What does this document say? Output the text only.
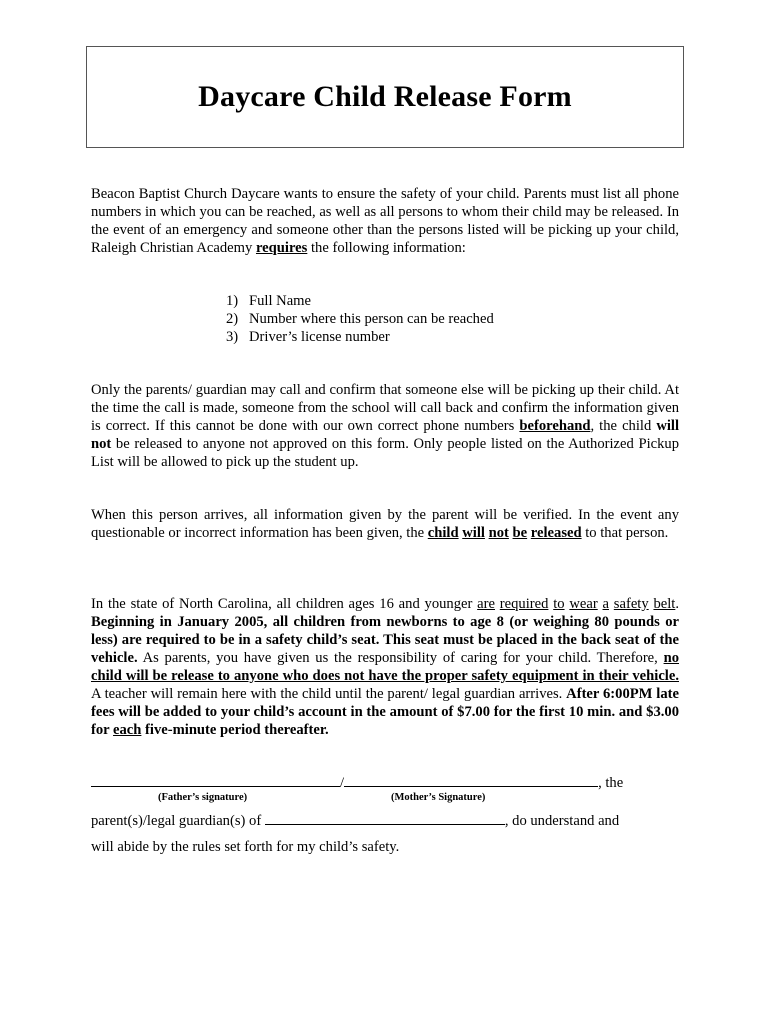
Daycare Child Release Form

Beacon Baptist Church Daycare wants to ensure the safety of your child. Parents must list all phone numbers in which you can be reached, as well as all persons to whom their child may be released. In the event of an emergency and someone other than the persons listed will be picking up your child, Raleigh Christian Academy requires the following information:

1) Full Name
2) Number where this person can be reached
3) Driver’s license number

Only the parents/ guardian may call and confirm that someone else will be picking up their child. At the time the call is made, someone from the school will call back and confirm the information given is correct. If this cannot be done with our own correct phone numbers beforehand, the child will not be released to anyone not approved on this form. Only people listed on the Authorized Pickup List will be allowed to pick up the student up.

When this person arrives, all information given by the parent will be verified. In the event any questionable or incorrect information has been given, the child will not be released to that person.

In the state of North Carolina, all children ages 16 and younger are required to wear a safety belt. Beginning in January 2005, all children from newborns to age 8 (or weighing 80 pounds or less) are required to be in a safety child’s seat. This seat must be placed in the back seat of the vehicle. As parents, you have given us the responsibility of caring for your child. Therefore, no child will be release to anyone who does not have the proper safety equipment in their vehicle. A teacher will remain here with the child until the parent/ legal guardian arrives. After 6:00PM late fees will be added to your child’s account in the amount of $7.00 for the first 10 min. and $3.00 for each five-minute period thereafter.

/	, the
(Father’s signature)	(Mother’s Signature)
parent(s)/legal guardian(s) of	, do understand and
will abide by the rules set forth for my child’s safety.
